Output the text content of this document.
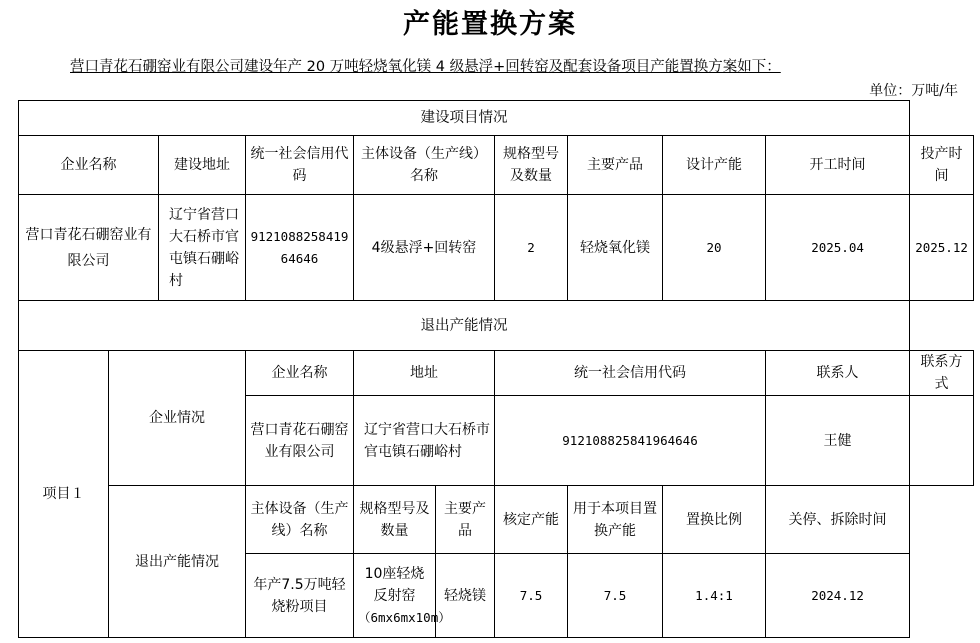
产能置换方案
营口青花石硼窑业有限公司建设年产 20 万吨轻烧氧化镁 4 级悬浮+回转窑及配套设备项目产能置换方案如下：
单位：万吨/年
建设项目情况										
企业名称		建设地址	统一社会信用代码	主体设备（生产线）名称		规格型号及数量	主要产品	设计产能	开工时间	投产时间
营口青花石硼窑业有限公司		辽宁省营口大石桥市官屯镇石硼峪村	912108825841964646	4级悬浮+回转窑		2	轻烧氧化镁	20	2025.04	2025.12
退出产能情况										
项目１	企业情况		企业名称	地址		统一社会信用代码			联系人	联系方式
			营口青花石硼窑业有限公司	辽宁省营口大石桥市官屯镇石硼峪村		912108825841964646			王健	
	退出产能情况		主体设备（生产线）名称	规格型号及数量	主要产品	核定产能	用于本项目置换产能	置换比例	关停、拆除时间	
			年产7.5万吨轻烧粉项目	10座轻烧反射窑
（6mx6mx10m）	轻烧镁	7.5	7.5	1.4:1	2024.12	
